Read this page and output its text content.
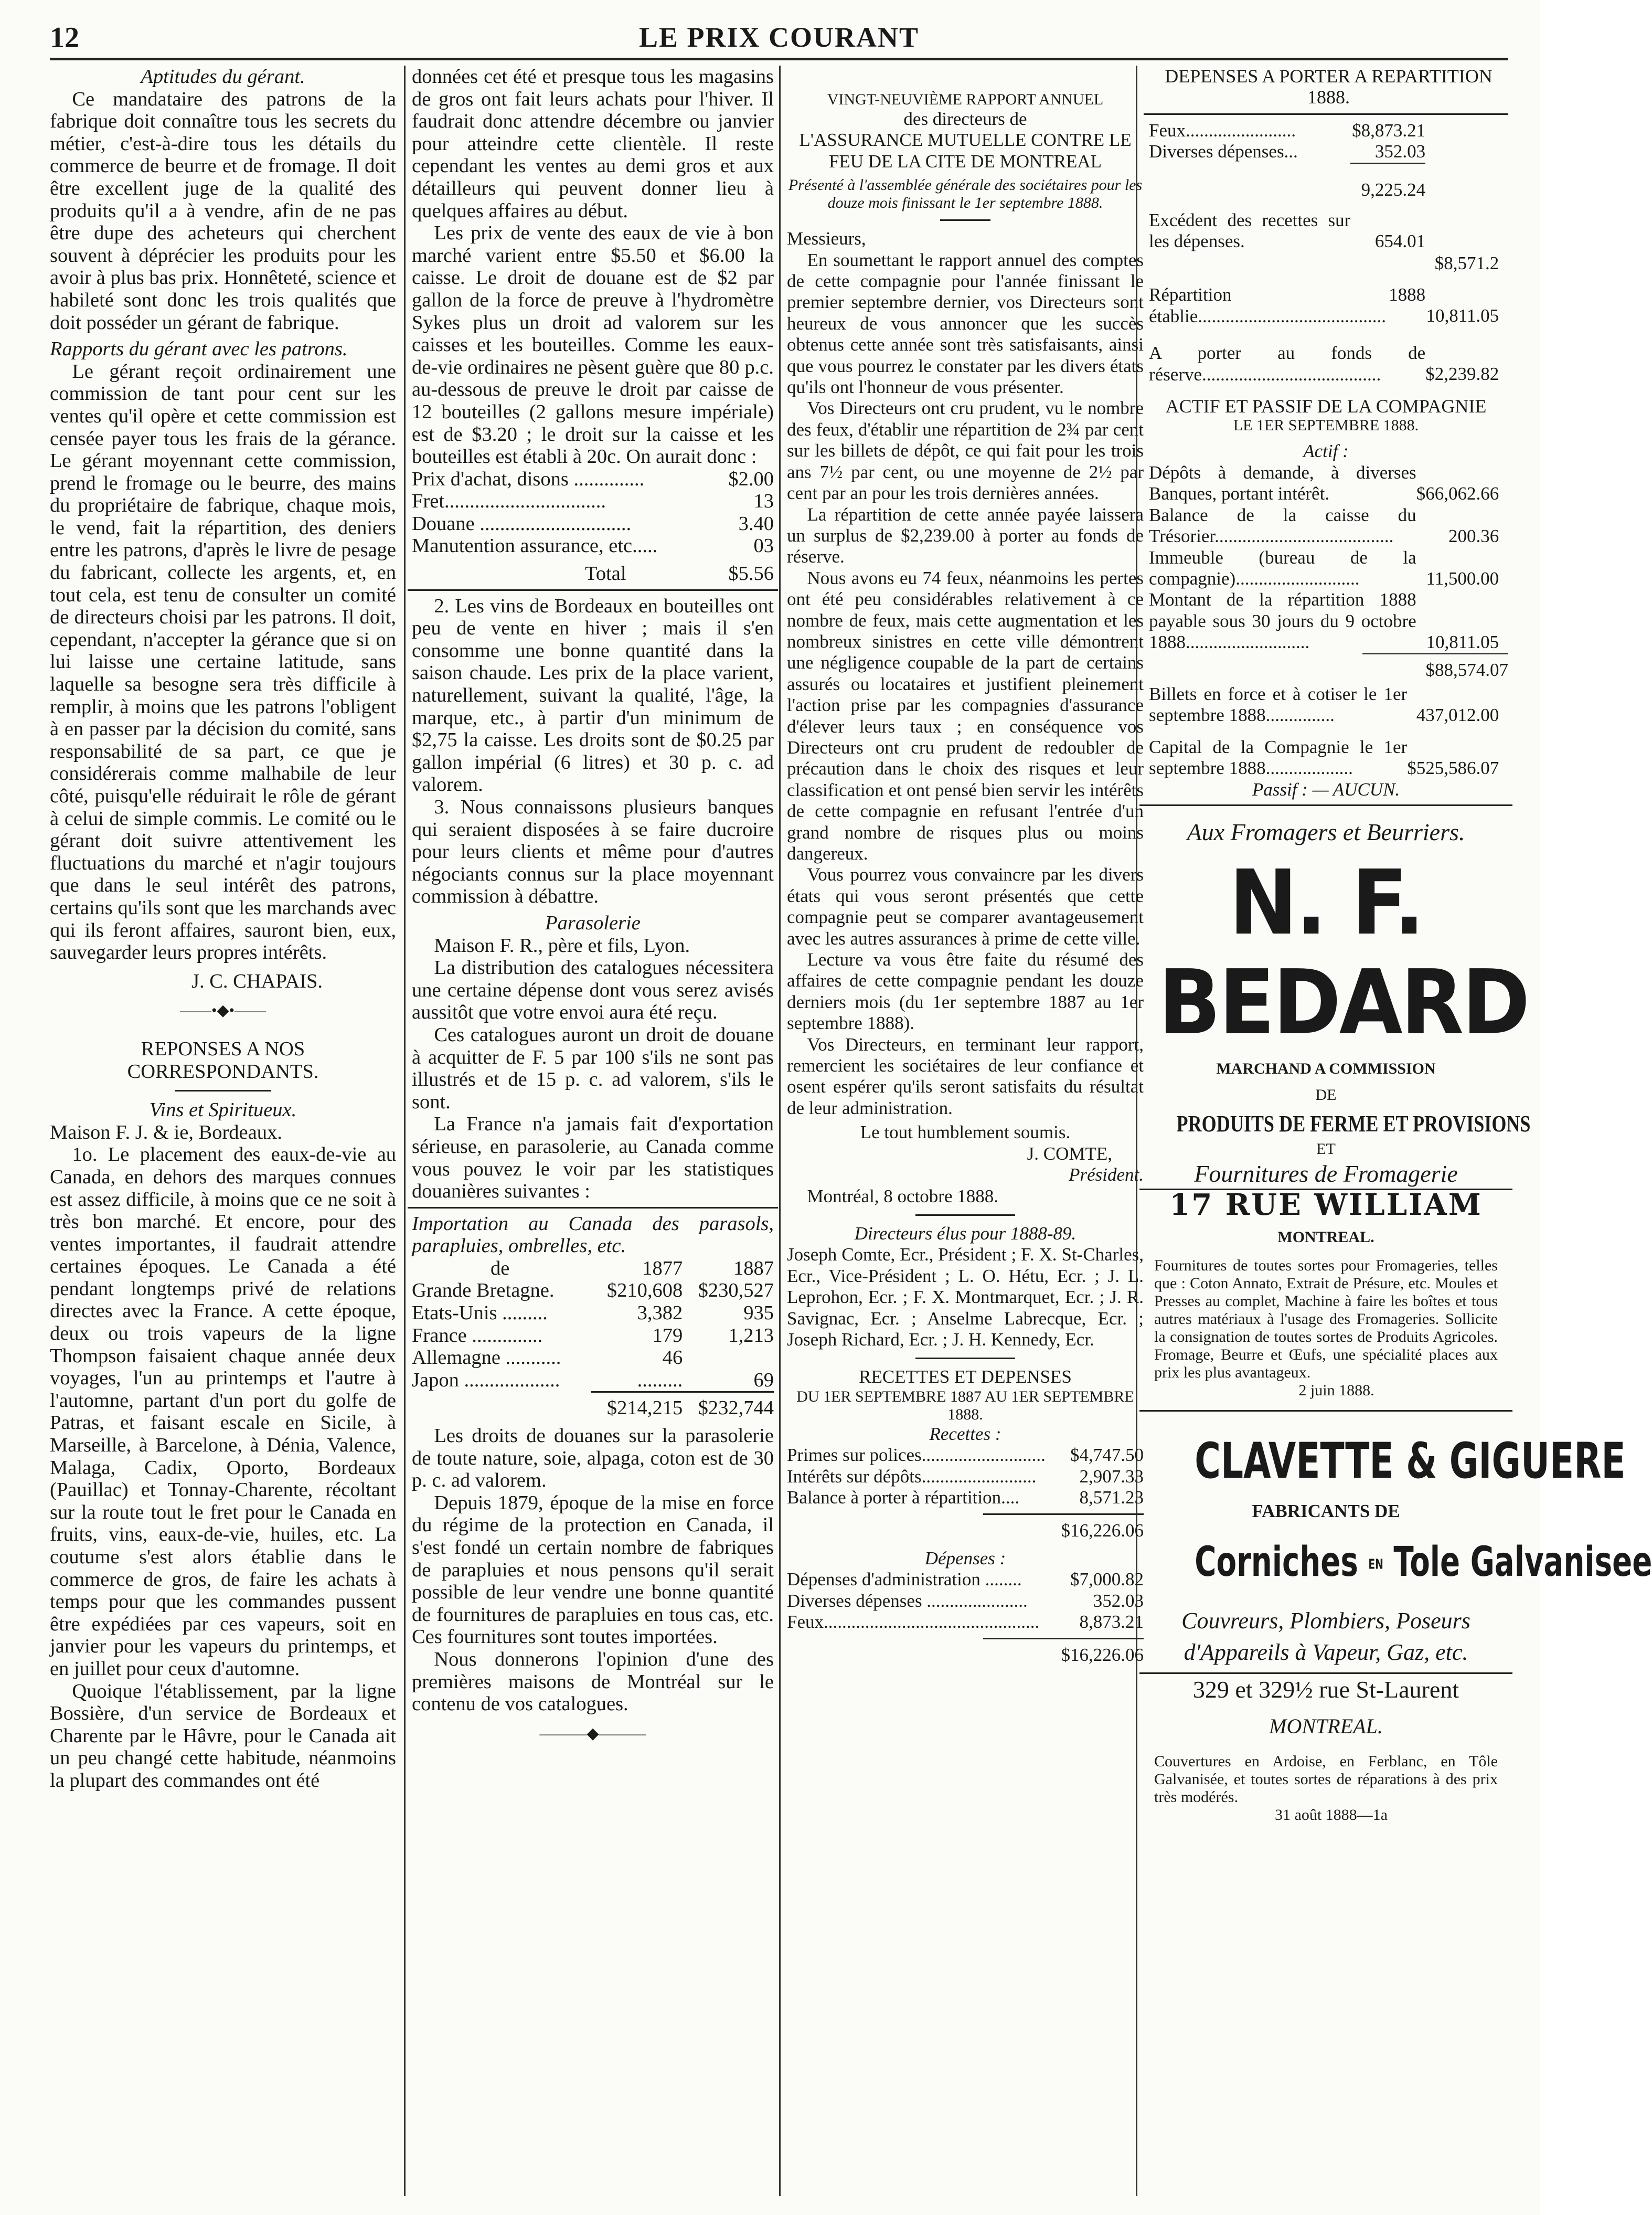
12	LE PRIX COURANT

Aptitudes du gérant.

Ce mandataire des patrons de la fabrique doit connaître tous les secrets du métier, c'est-à-dire tous les détails du commerce de beurre et de fromage. Il doit être excellent juge de la qualité des produits qu'il a à vendre, afin de ne pas être dupe des acheteurs qui cherchent souvent à déprécier les produits pour les avoir à plus bas prix. Honnêteté, science et habileté sont donc les trois qualités que doit posséder un gérant de fabrique.

Rapports du gérant avec les patrons.

Le gérant reçoit ordinairement une commission de tant pour cent sur les ventes qu'il opère et cette commission est censée payer tous les frais de la gérance. Le gérant moyennant cette commission, prend le fromage ou le beurre, des mains du propriétaire de fabrique, chaque mois, le vend, fait la répartition, des deniers entre les patrons, d'après le livre de pesage du fabricant, collecte les argents, et, en tout cela, est tenu de consulter un comité de directeurs choisi par les patrons. Il doit, cependant, n'accepter la gérance que si on lui laisse une certaine latitude, sans laquelle sa besogne sera très difficile à remplir, à moins que les patrons l'obligent à en passer par la décision du comité, sans responsabilité de sa part, ce que je considérerais comme malhabile de leur côté, puisqu'elle réduirait le rôle de gérant à celui de simple commis. Le comité ou le gérant doit suivre attentivement les fluctuations du marché et n'agir toujours que dans le seul intérêt des patrons, certains qu'ils sont que les marchands avec qui ils feront affaires, sauront bien, eux, sauvegarder leurs propres intérêts.

J. C. CHAPAIS.

——•◆•——

REPONSES A NOS CORRESPONDANTS.

Vins et Spiritueux.

Maison F. J. & ie, Bordeaux.

1o. Le placement des eaux-de-vie au Canada, en dehors des marques connues est assez difficile, à moins que ce ne soit à très bon marché. Et encore, pour des ventes importantes, il faudrait attendre certaines époques. Le Canada a été pendant longtemps privé de relations directes avec la France. A cette époque, deux ou trois vapeurs de la ligne Thompson faisaient chaque année deux voyages, l'un au printemps et l'autre à l'automne, partant d'un port du golfe de Patras, et faisant escale en Sicile, à Marseille, à Barcelone, à Dénia, Valence, Malaga, Cadix, Oporto, Bordeaux (Pauillac) et Tonnay-Charente, récoltant sur la route tout le fret pour le Canada en fruits, vins, eaux-de-vie, huiles, etc. La coutume s'est alors établie dans le commerce de gros, de faire les achats à temps pour que les commandes pussent être expédiées par ces vapeurs, soit en janvier pour les vapeurs du printemps, et en juillet pour ceux d'automne.

Quoique l'établissement, par la ligne Bossière, d'un service de Bordeaux et Charente par le Hâvre, pour le Canada ait un peu changé cette habitude, néanmoins la plupart des commandes ont été

données cet été et presque tous les magasins de gros ont fait leurs achats pour l'hiver. Il faudrait donc attendre décembre ou janvier pour atteindre cette clientèle. Il reste cependant les ventes au demi gros et aux détailleurs qui peuvent donner lieu à quelques affaires au début.

Les prix de vente des eaux de vie à bon marché varient entre $5.50 et $6.00 la caisse. Le droit de douane est de $2 par gallon de la force de preuve à l'hydromètre Sykes plus un droit ad valorem sur les caisses et les bouteilles. Comme les eaux-de-vie ordinaires ne pèsent guère que 80 p.c. au-dessous de preuve le droit par caisse de 12 bouteilles (2 gallons mesure impériale) est de $3.20 ; le droit sur la caisse et les bouteilles est établi à 20c. On aurait donc :

Prix d'achat, disons ..............	$2.00
Fret................................	13
Douane ..............................	3.40
Manutention assurance, etc.....	03
Total	$5.56

2. Les vins de Bordeaux en bouteilles ont peu de vente en hiver ; mais il s'en consomme une bonne quantité dans la saison chaude. Les prix de la place varient, naturellement, suivant la qualité, l'âge, la marque, etc., à partir d'un minimum de $2,75 la caisse. Les droits sont de $0.25 par gallon impérial (6 litres) et 30 p. c. ad valorem.

3. Nous connaissons plusieurs banques qui seraient disposées à se faire ducroire pour leurs clients et même pour d'autres négociants connus sur la place moyennant commission à débattre.

Parasolerie

Maison F. R., père et fils, Lyon.

La distribution des catalogues nécessitera une certaine dépense dont vous serez avisés aussitôt que votre envoi aura été reçu.

Ces catalogues auront un droit de douane à acquitter de F. 5 par 100 s'ils ne sont pas illustrés et de 15 p. c. ad valorem, s'ils le sont.

La France n'a jamais fait d'exportation sérieuse, en parasolerie, au Canada comme vous pouvez le voir par les statistiques douanières suivantes :

Importation au Canada des parasols, parapluies, ombrelles, etc.

de	1877	1887
Grande Bretagne.	$210,608	$230,527
Etats-Unis .........	3,382	935
France ..............	179	1,213
Allemagne ...........	46	
Japon ...................	.........	69
	$214,215	$232,744

Les droits de douanes sur la parasolerie de toute nature, soie, alpaga, coton est de 30 p. c. ad valorem.

Depuis 1879, époque de la mise en force du régime de la protection en Canada, il s'est fondé un certain nombre de fabriques de parapluies et nous pensons qu'il serait possible de leur vendre une bonne quantité de fournitures de parapluies en tous cas, etc. Ces fournitures sont toutes importées.

Nous donnerons l'opinion d'une des premières maisons de Montréal sur le contenu de vos catalogues.

———◆———

VINGT-NEUVIÈME RAPPORT ANNUEL

des directeurs de

L'ASSURANCE MUTUELLE CONTRE LE FEU DE LA CITE DE MONTREAL

Présenté à l'assemblée générale des sociétaires pour les douze mois finissant le 1er septembre 1888.

Messieurs,

En soumettant le rapport annuel des comptes de cette compagnie pour l'année finissant le premier septembre dernier, vos Directeurs sont heureux de vous annoncer que les succès obtenus cette année sont très satisfaisants, ainsi que vous pourrez le constater par les divers états qu'ils ont l'honneur de vous présenter.

Vos Directeurs ont cru prudent, vu le nombre des feux, d'établir une répartition de 2¾ par cent sur les billets de dépôt, ce qui fait pour les trois ans 7½ par cent, ou une moyenne de 2½ par cent par an pour les trois dernières années.

La répartition de cette année payée laissera un surplus de $2,239.00 à porter au fonds de réserve.

Nous avons eu 74 feux, néanmoins les pertes ont été peu considérables relativement à ce nombre de feux, mais cette augmentation et les nombreux sinistres en cette ville démontrent une négligence coupable de la part de certains assurés ou locataires et justifient pleinement l'action prise par les compagnies d'assurance d'élever leurs taux ; en conséquence vos Directeurs ont cru prudent de redoubler de précaution dans le choix des risques et leur classification et ont pensé bien servir les intérêts de cette compagnie en refusant l'entrée d'un grand nombre de risques plus ou moins dangereux.

Vous pourrez vous convaincre par les divers états qui vous seront présentés que cette compagnie peut se comparer avantageusement avec les autres assurances à prime de cette ville.

Lecture va vous être faite du résumé des affaires de cette compagnie pendant les douze derniers mois (du 1er septembre 1887 au 1er septembre 1888).

Vos Directeurs, en terminant leur rapport, remercient les sociétaires de leur confiance et osent espérer qu'ils seront satisfaits du résultat de leur administration.

Le tout humblement soumis.

J. COMTE,

Président.

Montréal, 8 octobre 1888.

Directeurs élus pour 1888-89.

Joseph Comte, Ecr., Président ; F. X. St-Charles, Ecr., Vice-Président ; L. O. Hétu, Ecr. ; J. L. Leprohon, Ecr. ; F. X. Montmarquet, Ecr. ; J. R. Savignac, Ecr. ; Anselme Labrecque, Ecr. ; Joseph Richard, Ecr. ; J. H. Kennedy, Ecr.

RECETTES ET DEPENSES

DU 1ER SEPTEMBRE 1887 AU 1ER SEPTEMBRE 1888.

Recettes :

Primes sur polices...........................	$4,747.50
Intérêts sur dépôts.........................	2,907.33
Balance à porter à répartition....	8,571.23

$16,226.06

Dépenses :

Dépenses d'administration ........	$7,000.82
Diverses dépenses ......................	352.03
Feux...............................................	8,873.21

$16,226.06

DEPENSES A PORTER A REPARTITION 1888.

Feux........................	$8,873.21	
Diverses dépenses...	352.03	
	9,225.24	
Excédent des recettes sur les dépenses.	654.01	$8,571.2
Répartition 1888 établie.........................................		10,811.05
A porter au fonds de réserve.......................................		$2,239.82

ACTIF ET PASSIF DE LA COMPAGNIE

LE 1ER SEPTEMBRE 1888.

Actif :

Dépôts à demande, à diverses Banques, portant intérêt.	$66,062.66
Balance de la caisse du Trésorier.......................................	200.36
Immeuble (bureau de la compagnie)...........................	11,500.00
Montant de la répartition 1888 payable sous 30 jours du 9 octobre 1888...........................	10,811.05

$88,574.07

Billets en force et à cotiser le 1er septembre 1888...............	437,012.00
Capital de la Compagnie le 1er septembre 1888...................	$525,586.07

Passif : — AUCUN.

Aux Fromagers et Beurriers.

N. F. BEDARD

MARCHAND A COMMISSION

DE

PRODUITS DE FERME ET PROVISIONS

ET

Fournitures de Fromagerie

17 RUE WILLIAM

MONTREAL.

Fournitures de toutes sortes pour Fromageries, telles que : Coton Annato, Extrait de Présure, etc. Moules et Presses au complet, Machine à faire les boîtes et tous autres matériaux à l'usage des Fromageries. Sollicite la consignation de toutes sortes de Produits Agricoles. Fromage, Beurre et Œufs, une spécialité places aux prix les plus avantageux.

2 juin 1888.

CLAVETTE & GIGUERE

FABRICANTS DE

Corniches EN Tole Galvanisee

Couvreurs, Plombiers, Poseurs d'Appareils à Vapeur, Gaz, etc.

329 et 329½ rue St-Laurent

MONTREAL.

Couvertures en Ardoise, en Ferblanc, en Tôle Galvanisée, et toutes sortes de réparations à des prix très modérés.

31 août 1888—1a
